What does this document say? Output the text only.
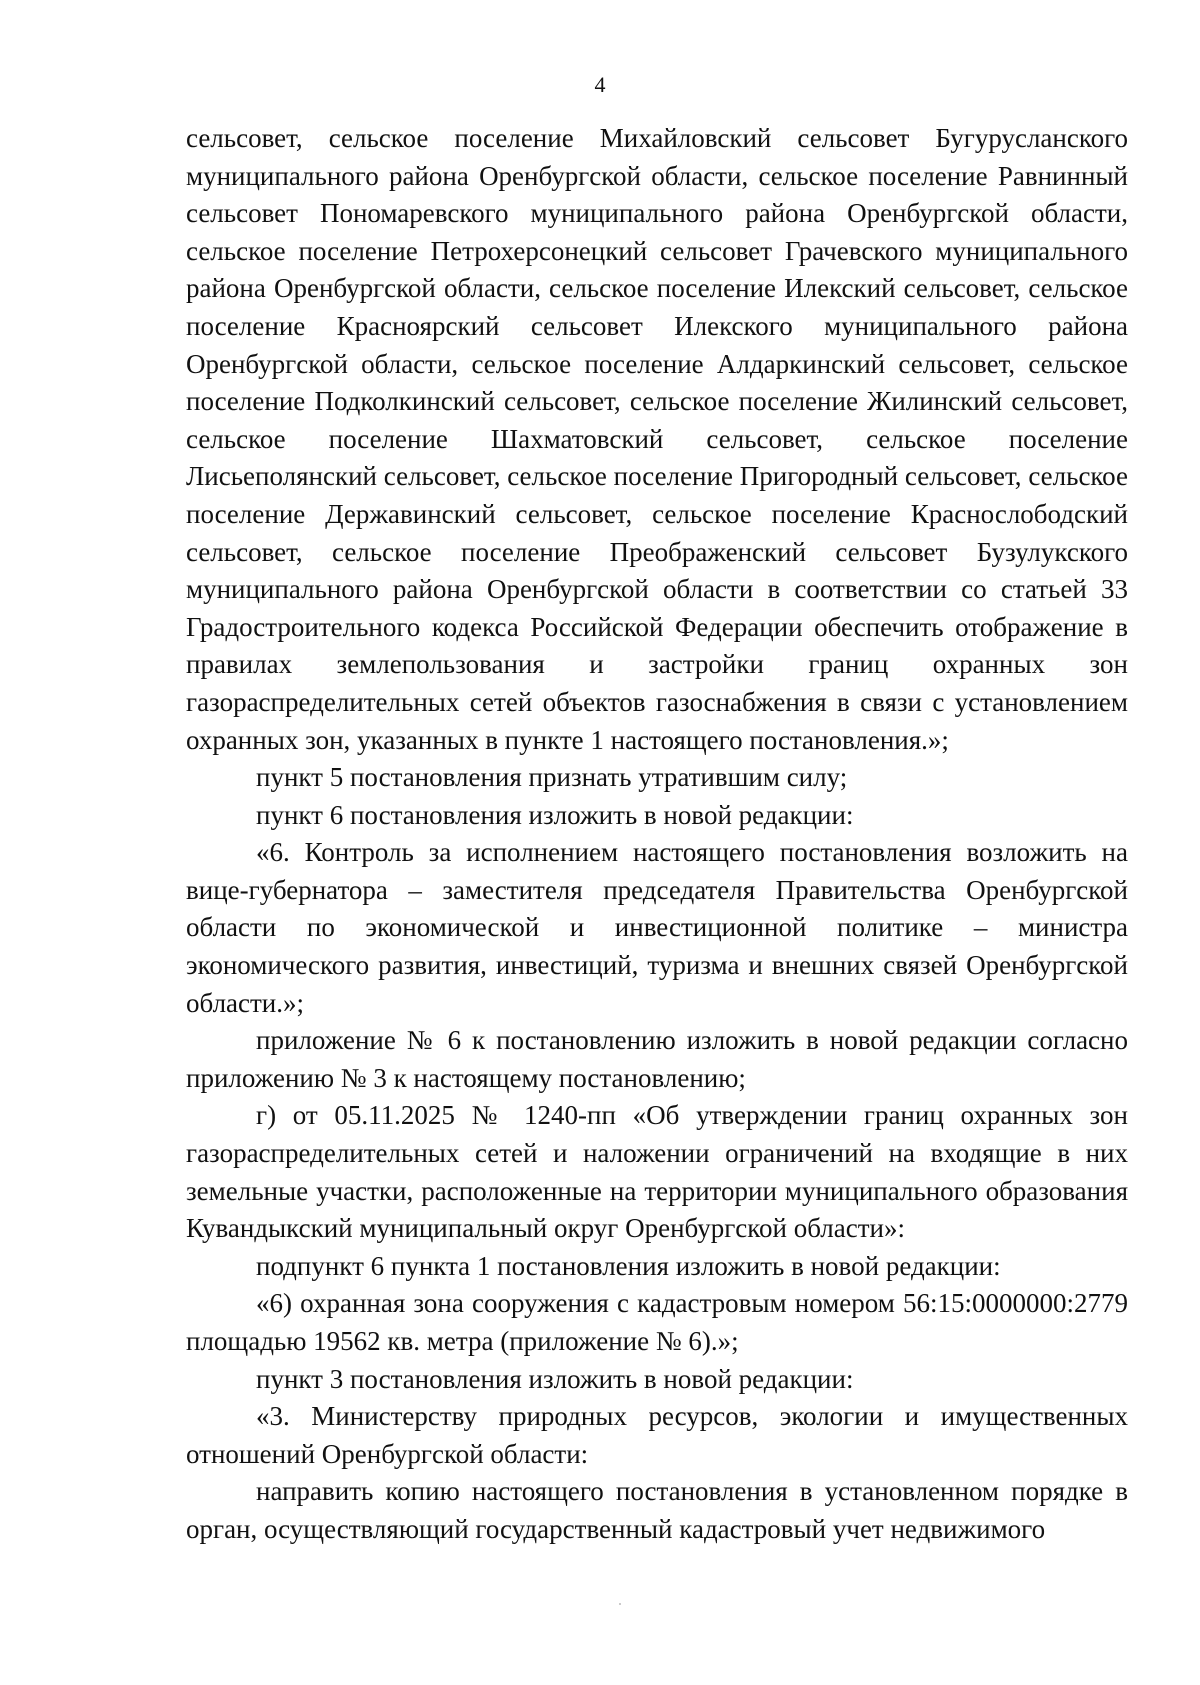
4

сельсовет, сельское поселение Михайловский сельсовет Бугурусланского муниципального района Оренбургской области, сельское поселение Равнинный сельсовет Пономаревского муниципального района Оренбургской области, сельское поселение Петрохерсонецкий сельсовет Грачевского муниципального района Оренбургской области, сельское поселение Илекский сельсовет, сельское поселение Красноярский сельсовет Илекского муниципального района Оренбургской области, сельское поселение Алдаркинский сельсовет, сельское поселение Подколкинский сельсовет, сельское поселение Жилинский сельсовет, сельское поселение Шахматовский сельсовет, сельское поселение Лисьеполянский сельсовет, сельское поселение Пригородный сельсовет, сельское поселение Державинский сельсовет, сельское поселение Краснослободский сельсовет, сельское поселение Преображенский сельсовет Бузулукского муниципального района Оренбургской области в соответствии со статьей 33 Градостроительного кодекса Российской Федерации обеспечить отображение в правилах землепользования и застройки границ охранных зон газораспределительных сетей объектов газоснабжения в связи с установлением охранных зон, указанных в пункте 1 настоящего постановления.»;

пункт 5 постановления признать утратившим силу;

пункт 6 постановления изложить в новой редакции:

«6. Контроль за исполнением настоящего постановления возложить на вице-губернатора – заместителя председателя Правительства Оренбургской области по экономической и инвестиционной политике – министра экономического развития, инвестиций, туризма и внешних связей Оренбургской области.»;

приложение № 6 к постановлению изложить в новой редакции согласно приложению № 3 к настоящему постановлению;

г) от 05.11.2025 № 1240-пп «Об утверждении границ охранных зон газораспределительных сетей и наложении ограничений на входящие в них земельные участки, расположенные на территории муниципального образования Кувандыкский муниципальный округ Оренбургской области»:

подпункт 6 пункта 1 постановления изложить в новой редакции:

«6) охранная зона сооружения с кадастровым номером 56:15:0000000:2779 площадью 19562 кв. метра (приложение № 6).»;

пункт 3 постановления изложить в новой редакции:

«3. Министерству природных ресурсов, экологии и имущественных отношений Оренбургской области:

направить копию настоящего постановления в установленном порядке в орган, осуществляющий государственный кадастровый учет недвижимого
